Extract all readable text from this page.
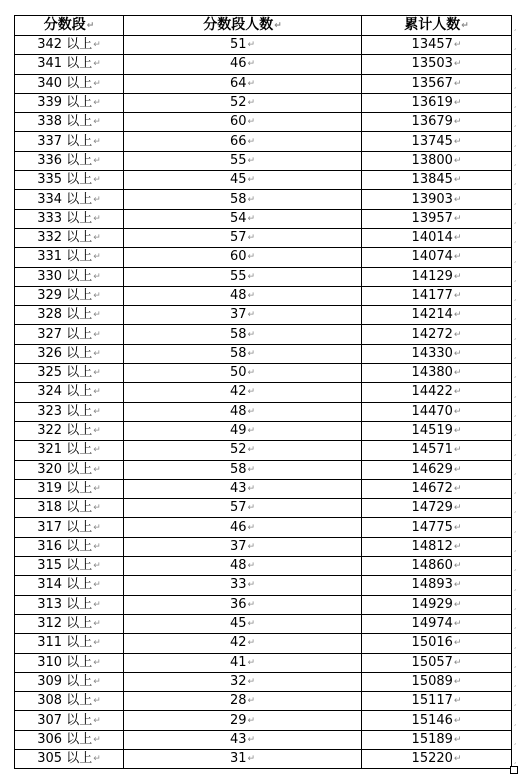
分数段↵	分数段人数↵	累计人数↵
342 以上↵	51↵	13457↵
341 以上↵	46↵	13503↵
340 以上↵	64↵	13567↵
339 以上↵	52↵	13619↵
338 以上↵	60↵	13679↵
337 以上↵	66↵	13745↵
336 以上↵	55↵	13800↵
335 以上↵	45↵	13845↵
334 以上↵	58↵	13903↵
333 以上↵	54↵	13957↵
332 以上↵	57↵	14014↵
331 以上↵	60↵	14074↵
330 以上↵	55↵	14129↵
329 以上↵	48↵	14177↵
328 以上↵	37↵	14214↵
327 以上↵	58↵	14272↵
326 以上↵	58↵	14330↵
325 以上↵	50↵	14380↵
324 以上↵	42↵	14422↵
323 以上↵	48↵	14470↵
322 以上↵	49↵	14519↵
321 以上↵	52↵	14571↵
320 以上↵	58↵	14629↵
319 以上↵	43↵	14672↵
318 以上↵	57↵	14729↵
317 以上↵	46↵	14775↵
316 以上↵	37↵	14812↵
315 以上↵	48↵	14860↵
314 以上↵	33↵	14893↵
313 以上↵	36↵	14929↵
312 以上↵	45↵	14974↵
311 以上↵	42↵	15016↵
310 以上↵	41↵	15057↵
309 以上↵	32↵	15089↵
308 以上↵	28↵	15117↵
307 以上↵	29↵	15146↵
306 以上↵	43↵	15189↵
305 以上↵	31↵	15220↵
¸
¸
¸
¸
¸
¸
¸
¸
¸
¸
¸
¸
¸
¸
¸
¸
¸
¸
¸
¸
¸
¸
¸
¸
¸
¸
¸
¸
¸
¸
¸
¸
¸
¸
¸
¸
¸
¸
¸
